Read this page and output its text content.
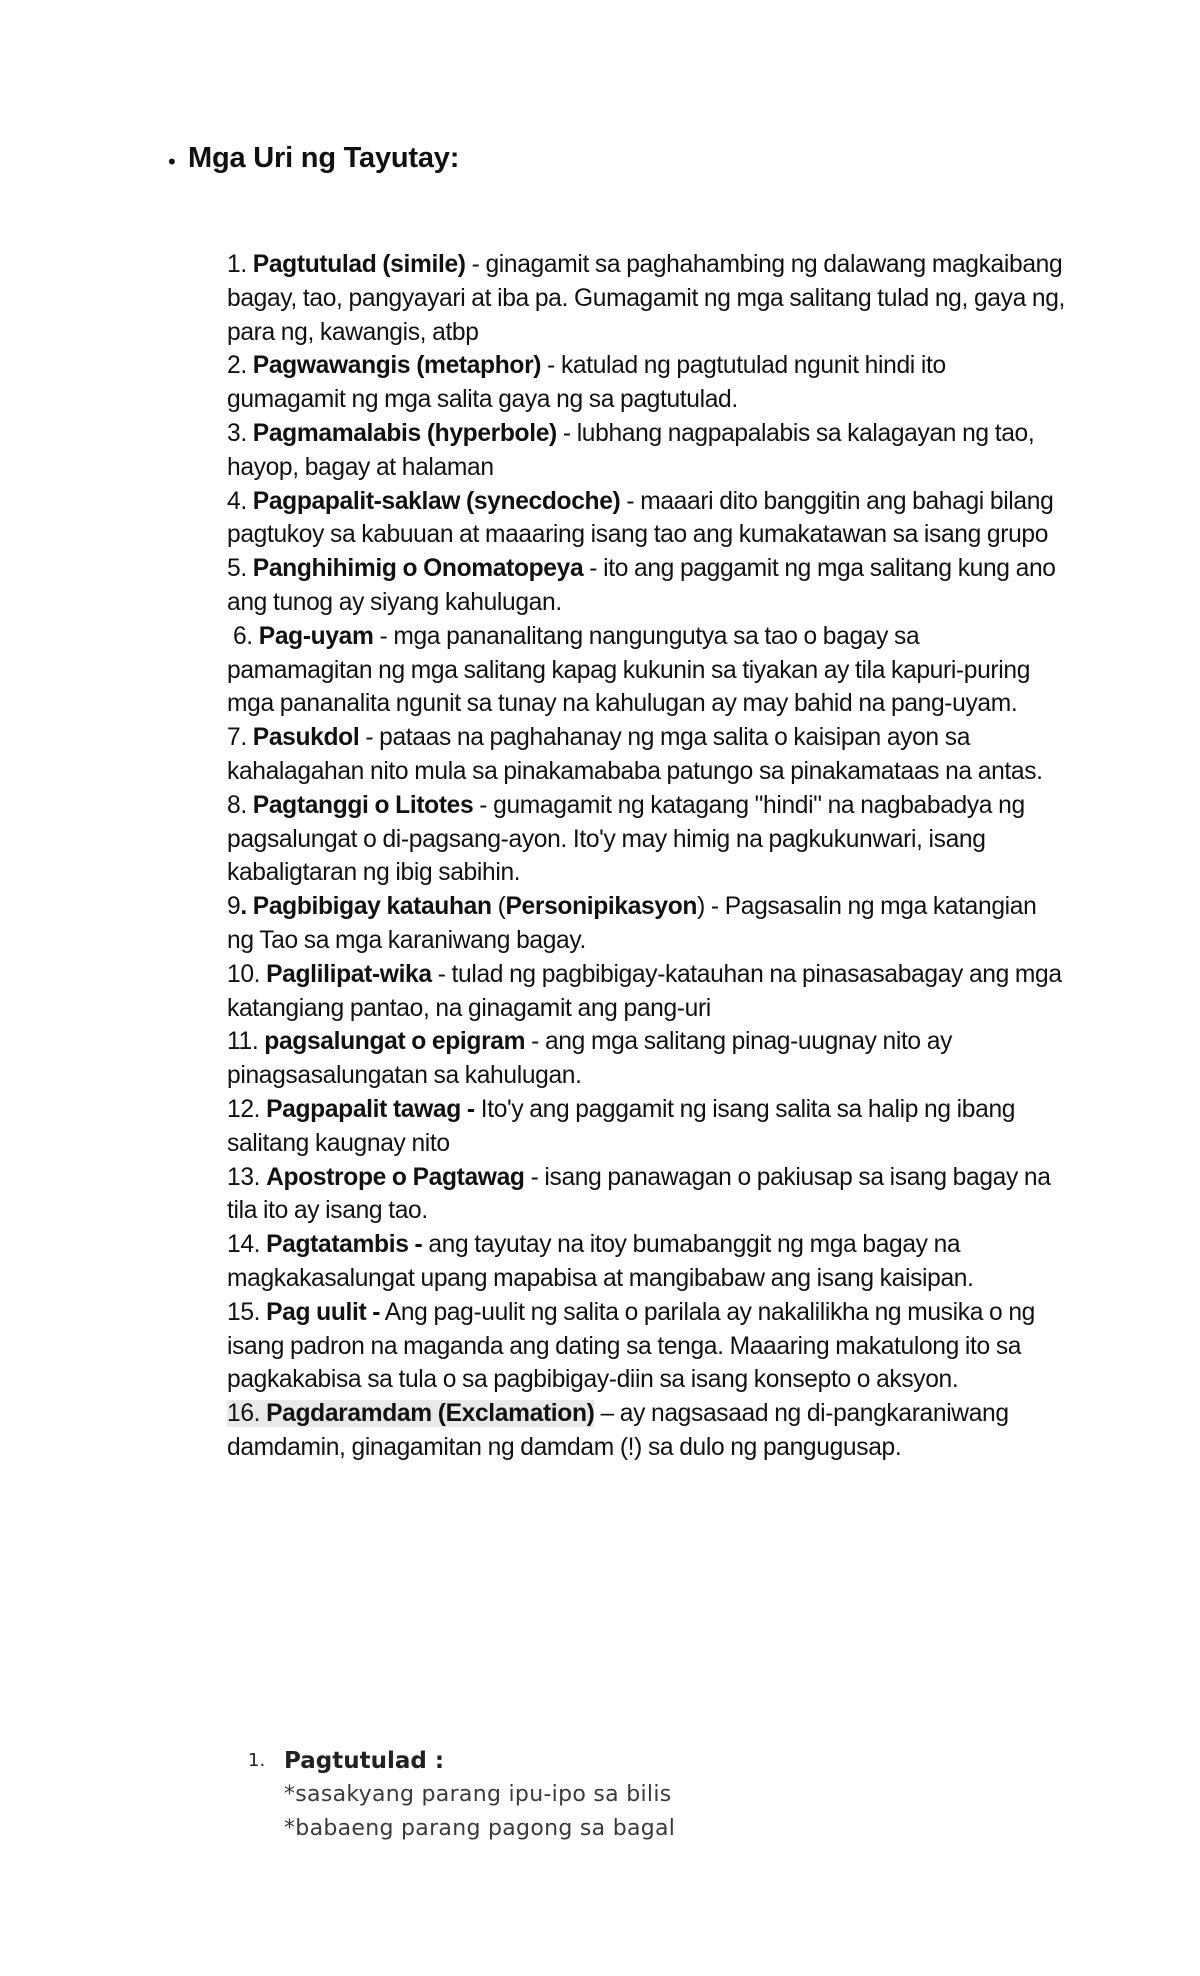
• Mga Uri ng Tayutay:

1. Pagtutulad (simile) - ginagamit sa paghahambing ng dalawang magkaibang bagay, tao, pangyayari at iba pa. Gumagamit ng mga salitang tulad ng, gaya ng, para ng, kawangis, atbp

2. Pagwawangis (metaphor) - katulad ng pagtutulad ngunit hindi ito gumagamit ng mga salita gaya ng sa pagtutulad.

3. Pagmamalabis (hyperbole) - lubhang nagpapalabis sa kalagayan ng tao, hayop, bagay at halaman

4. Pagpapalit-saklaw (synecdoche) - maaari dito banggitin ang bahagi bilang pagtukoy sa kabuuan at maaaring isang tao ang kumakatawan sa isang grupo

5. Panghihimig o Onomatopeya - ito ang paggamit ng mga salitang kung ano ang tunog ay siyang kahulugan.

6. Pag-uyam - mga pananalitang nangungutya sa tao o bagay sa pamamagitan ng mga salitang kapag kukunin sa tiyakan ay tila kapuri-puring mga pananalita ngunit sa tunay na kahulugan ay may bahid na pang-uyam.

7. Pasukdol - pataas na paghahanay ng mga salita o kaisipan ayon sa kahalagahan nito mula sa pinakamababa patungo sa pinakamataas na antas.

8. Pagtanggi o Litotes - gumagamit ng katagang "hindi" na nagbabadya ng pagsalungat o di-pagsang-ayon. Ito'y may himig na pagkukunwari, isang kabaligtaran ng ibig sabihin.

9. Pagbibigay katauhan (Personipikasyon) - Pagsasalin ng mga katangian ng Tao sa mga karaniwang bagay.

10. Paglilipat-wika - tulad ng pagbibigay-katauhan na pinasasabagay ang mga katangiang pantao, na ginagamit ang pang-uri

11. pagsalungat o epigram - ang mga salitang pinag-uugnay nito ay pinagsasalungatan sa kahulugan.

12. Pagpapalit tawag - Ito'y ang paggamit ng isang salita sa halip ng ibang salitang kaugnay nito

13. Apostrope o Pagtawag - isang panawagan o pakiusap sa isang bagay na tila ito ay isang tao.

14. Pagtatambis - ang tayutay na itoy bumabanggit ng mga bagay na magkakasalungat upang mapabisa at mangibabaw ang isang kaisipan.

15. Pag uulit - Ang pag-uulit ng salita o parilala ay nakalilikha ng musika o ng isang padron na maganda ang dating sa tenga. Maaaring makatulong ito sa pagkakabisa sa tula o sa pagbibigay-diin sa isang konsepto o aksyon.

16. Pagdaramdam (Exclamation) – ay nagsasaad ng di-pangkaraniwang damdamin, ginagamitan ng damdam (!) sa dulo ng pangugusap.

1. Pagtutulad :
*sasakyang parang ipu-ipo sa bilis
*babaeng parang pagong sa bagal
